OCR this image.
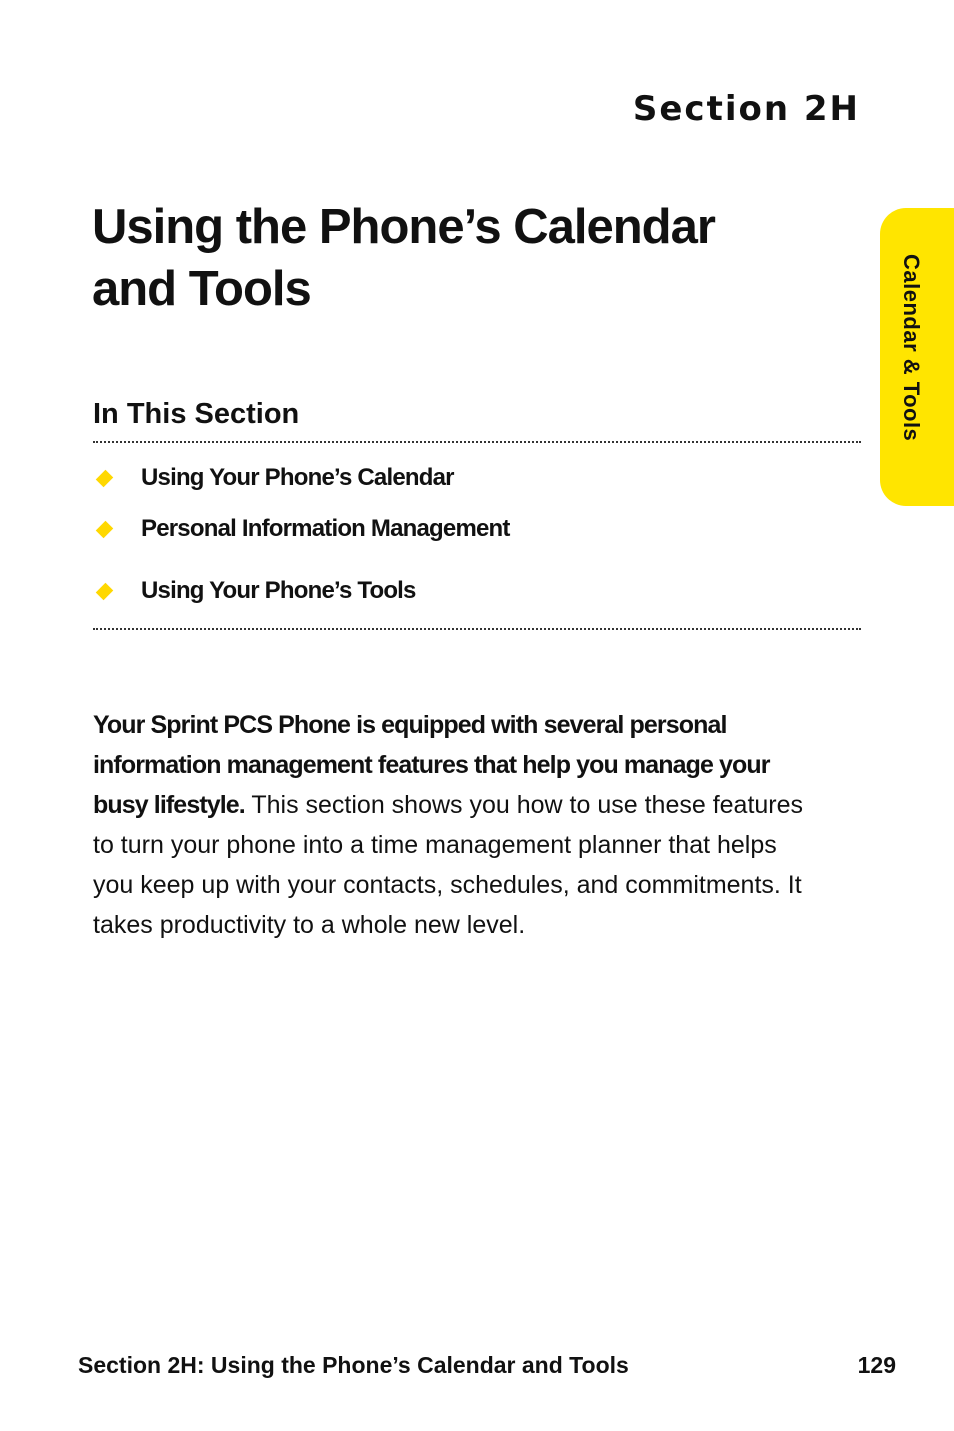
Section 2H
Using the Phone’s Calendar
and Tools	Calendar & Tools
In This Section
Using Your Phone’s Calendar
Personal Information Management
Using Your Phone’s Tools

Your Sprint PCS Phone is equipped with several personal information management features that help you manage your busy lifestyle. This section shows you how to use these features to turn your phone into a time management planner that helps you keep up with your contacts, schedules, and commitments. It takes productivity to a whole new level.

Section 2H: Using the Phone’s Calendar and Tools	129
